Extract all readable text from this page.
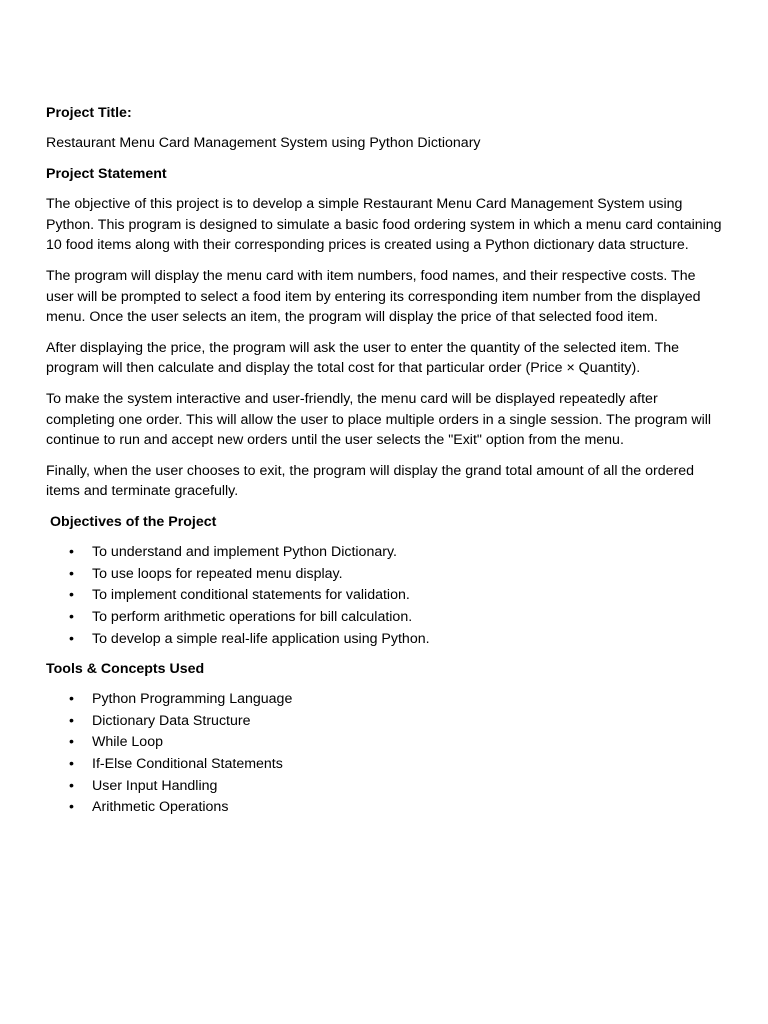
Project Title:

Restaurant Menu Card Management System using Python Dictionary

Project Statement

The objective of this project is to develop a simple Restaurant Menu Card Management System using Python. This program is designed to simulate a basic food ordering system in which a menu card containing 10 food items along with their corresponding prices is created using a Python dictionary data structure.

The program will display the menu card with item numbers, food names, and their respective costs. The user will be prompted to select a food item by entering its corresponding item number from the displayed menu. Once the user selects an item, the program will display the price of that selected food item.

After displaying the price, the program will ask the user to enter the quantity of the selected item. The program will then calculate and display the total cost for that particular order (Price × Quantity).

To make the system interactive and user-friendly, the menu card will be displayed repeatedly after completing one order. This will allow the user to place multiple orders in a single session. The program will continue to run and accept new orders until the user selects the "Exit" option from the menu.

Finally, when the user chooses to exit, the program will display the grand total amount of all the ordered items and terminate gracefully.

Objectives of the Project

• To understand and implement Python Dictionary.
• To use loops for repeated menu display.
• To implement conditional statements for validation.
• To perform arithmetic operations for bill calculation.
• To develop a simple real-life application using Python.

Tools & Concepts Used

• Python Programming Language
• Dictionary Data Structure
• While Loop
• If-Else Conditional Statements
• User Input Handling
• Arithmetic Operations
